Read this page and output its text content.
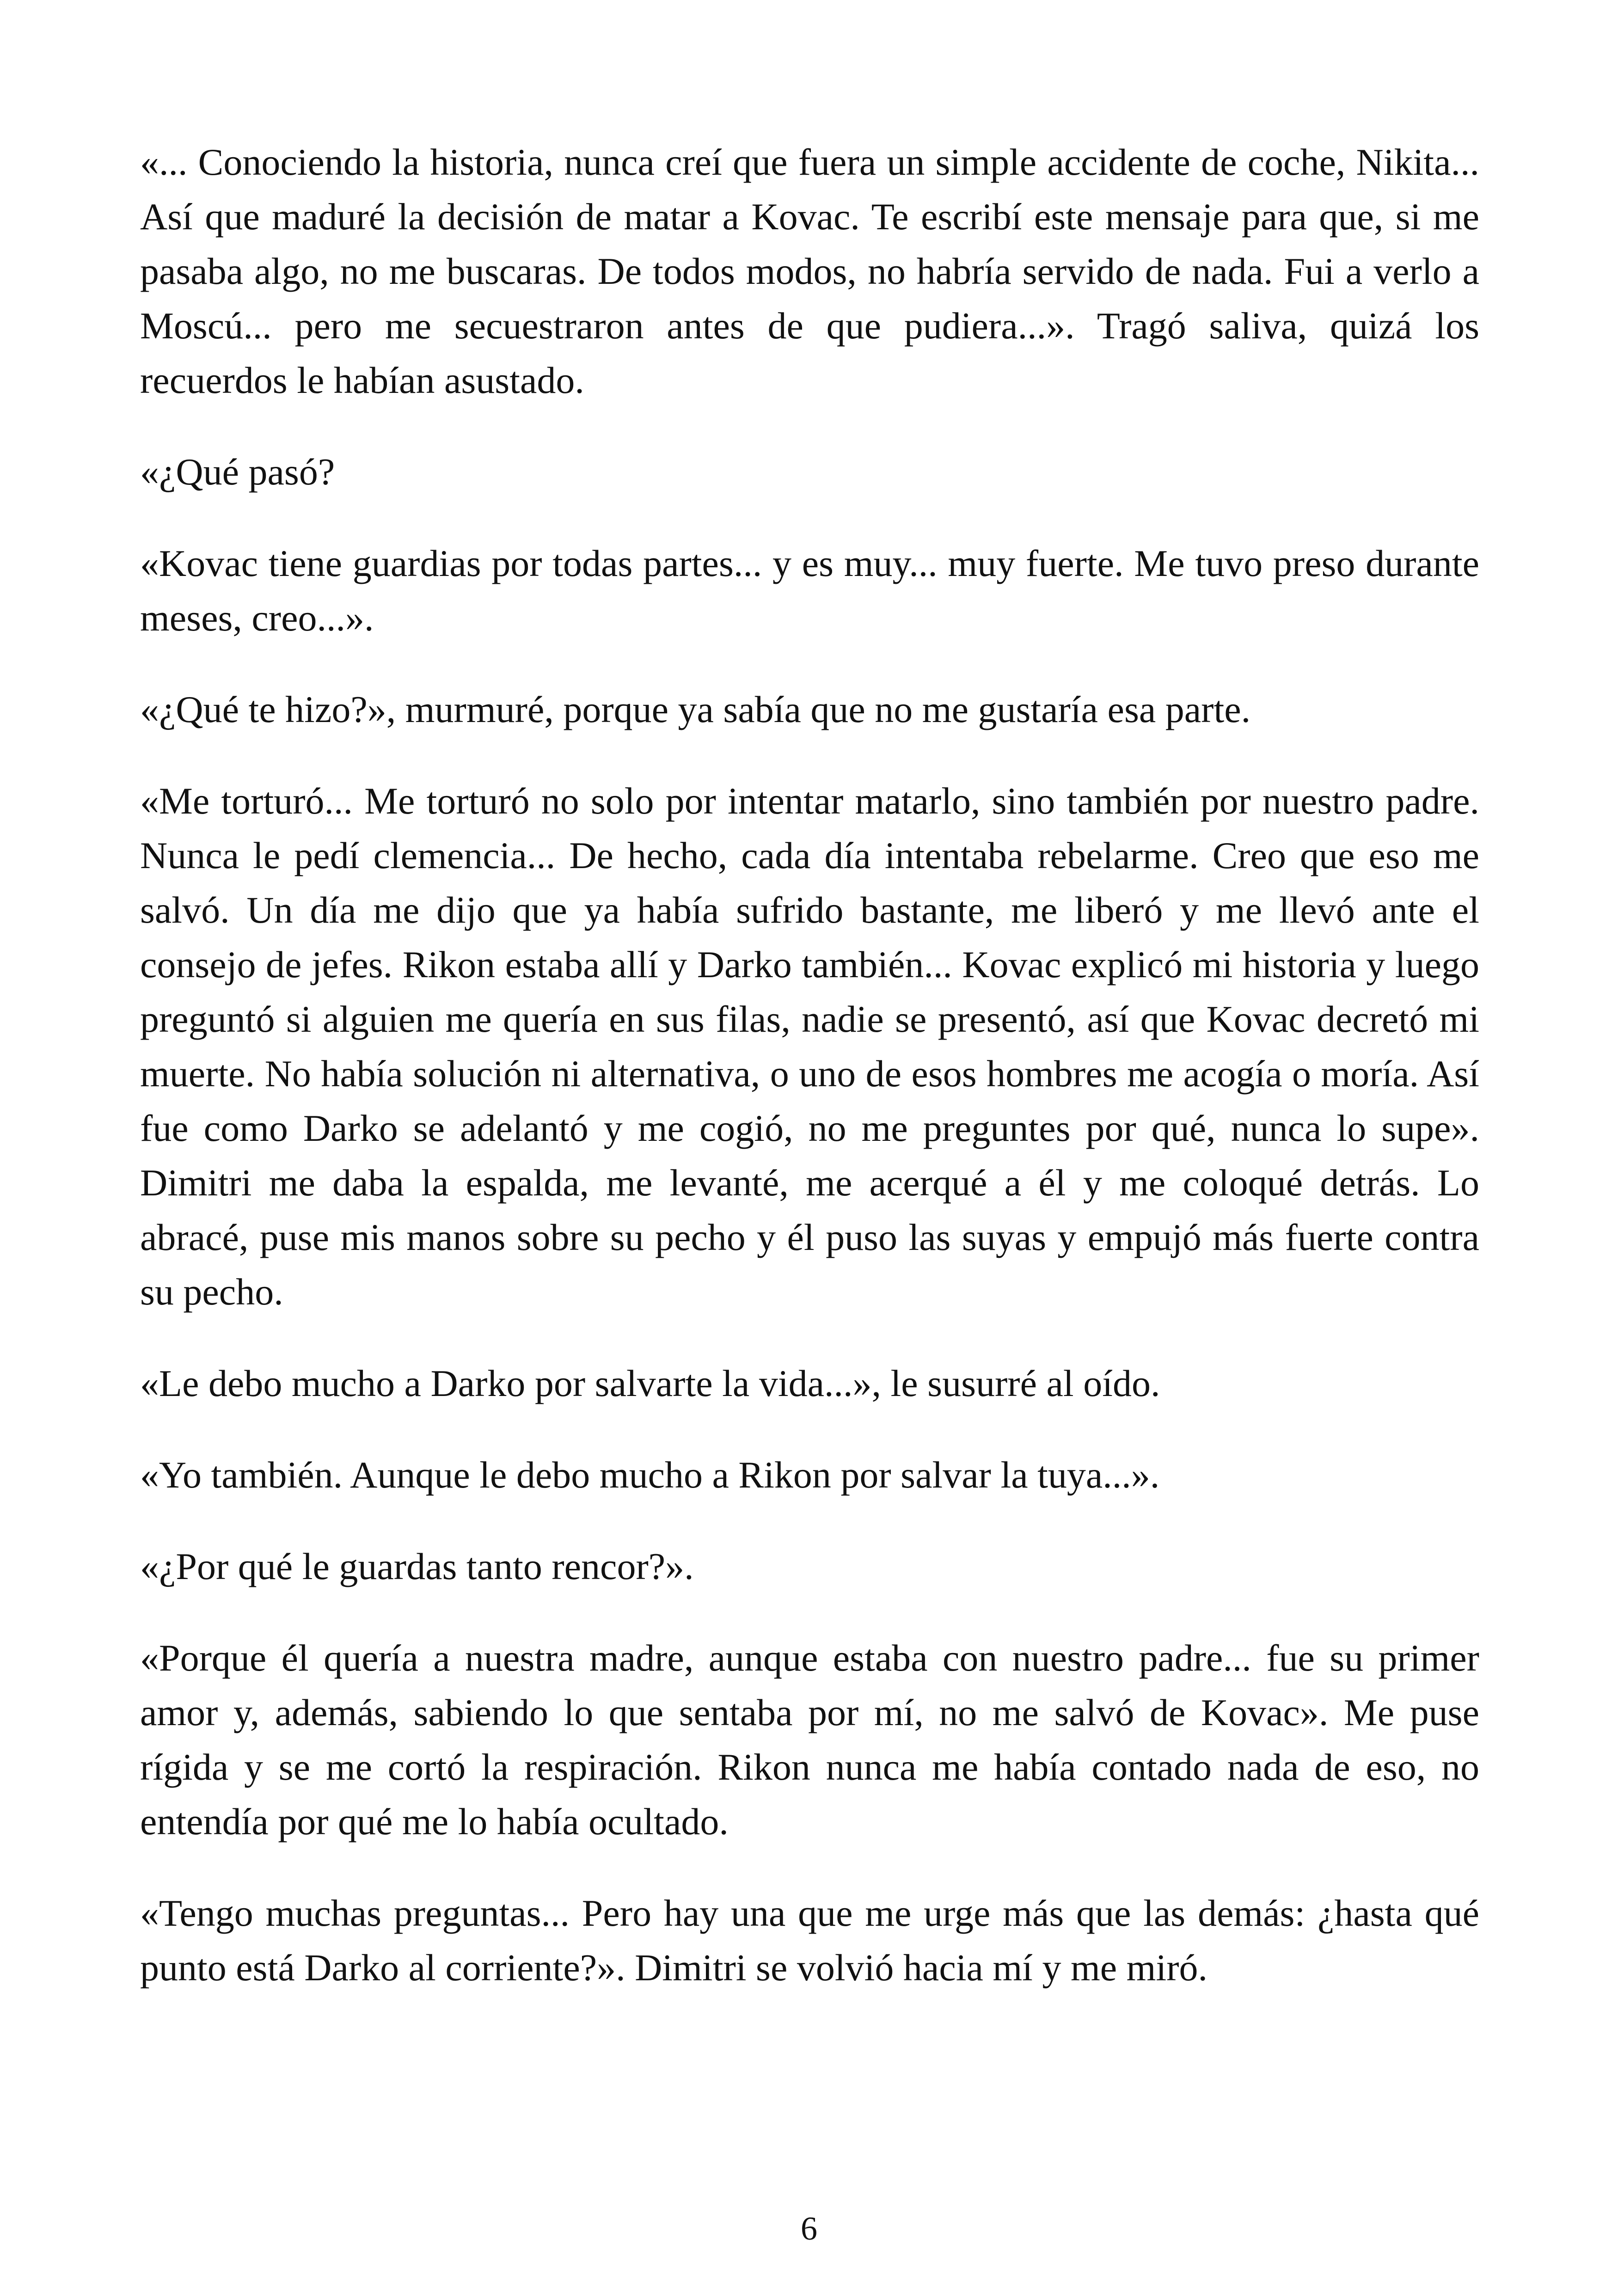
«... Conociendo la historia, nunca creí que fuera un simple accidente de coche, Nikita... Así que maduré la decisión de matar a Kovac. Te escribí este mensaje para que, si me pasaba algo, no me buscaras. De todos modos, no habría servido de nada. Fui a verlo a Moscú... pero me secuestraron antes de que pudiera...». Tragó saliva, quizá los recuerdos le habían asustado.

«¿Qué pasó?

«Kovac tiene guardias por todas partes... y es muy... muy fuerte. Me tuvo preso durante meses, creo...».

«¿Qué te hizo?», murmuré, porque ya sabía que no me gustaría esa parte.

«Me torturó... Me torturó no solo por intentar matarlo, sino también por nuestro padre. Nunca le pedí clemencia... De hecho, cada día intentaba rebelarme. Creo que eso me salvó. Un día me dijo que ya había sufrido bastante, me liberó y me llevó ante el consejo de jefes. Rikon estaba allí y Darko también... Kovac explicó mi historia y luego preguntó si alguien me quería en sus filas, nadie se presentó, así que Kovac decretó mi muerte. No había solución ni alternativa, o uno de esos hombres me acogía o moría. Así fue como Darko se adelantó y me cogió, no me preguntes por qué, nunca lo supe». Dimitri me daba la espalda, me levanté, me acerqué a él y me coloqué detrás. Lo abracé, puse mis manos sobre su pecho y él puso las suyas y empujó más fuerte contra su pecho.

«Le debo mucho a Darko por salvarte la vida...», le susurré al oído.

«Yo también. Aunque le debo mucho a Rikon por salvar la tuya...».

«¿Por qué le guardas tanto rencor?».

«Porque él quería a nuestra madre, aunque estaba con nuestro padre... fue su primer amor y, además, sabiendo lo que sentaba por mí, no me salvó de Kovac». Me puse rígida y se me cortó la respiración. Rikon nunca me había contado nada de eso, no entendía por qué me lo había ocultado.

«Tengo muchas preguntas... Pero hay una que me urge más que las demás: ¿hasta qué punto está Darko al corriente?». Dimitri se volvió hacia mí y me miró.

6
